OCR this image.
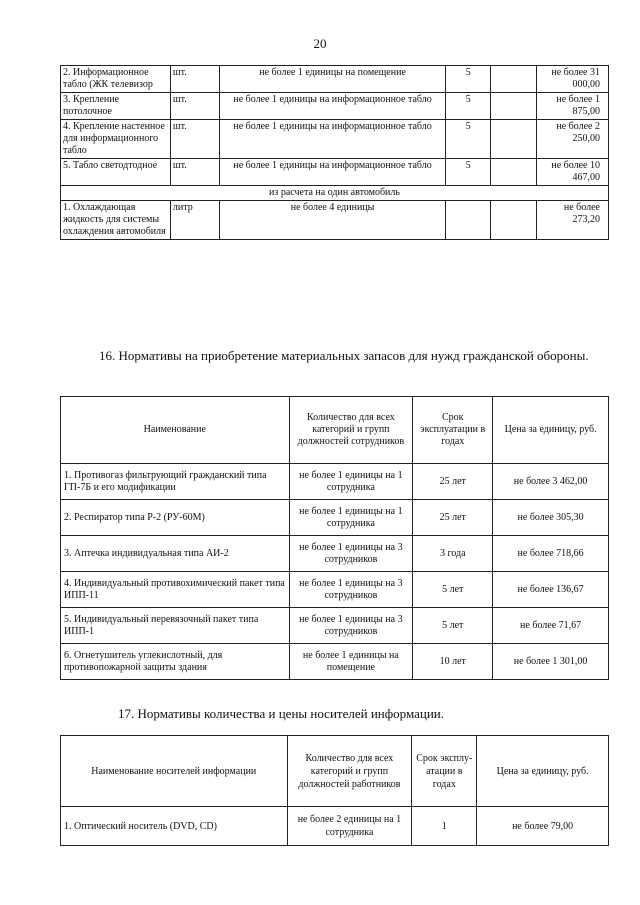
20
2. Информационное табло (ЖК телевизор	шт.	не более 1 единицы на помещение	5		не более 31 000,00
3. Крепление потолочное	шт.	не более 1 единицы на информационное табло	5		не более 1 875,00
4. Крепление настенное для информационного табло	шт.	не более 1 единицы на информационное табло	5		не более 2 250,00
5. Табло светодтодное	шт.	не более 1 единицы на информационное табло	5		не более 10 467,00
из расчета на один автомобиль					
1. Охлаждающая жидкость для системы охлаждения автомобиля	литр	не более 4 единицы			не более 273,20
16. Нормативы на приобретение материальных запасов для нужд гражданской обороны.
Наименование	Количество для всех категорий и групп должностей сотрудников	Срок эксплуатации в годах	Цена за единицу, руб.
1. Противогаз фильтрующий гражданский типа ГП-7Б и его модификации	не более 1 единицы на 1 сотрудника	25 лет	не более 3 462,00
2. Респиратор типа Р-2 (РУ-60М)	не более 1 единицы на 1 сотрудника	25 лет	не более 305,30
3. Аптечка индивидуальная типа АИ-2	не более 1 единицы на 3 сотрудников	3 года	не более 718,66
4. Индивидуальный противохимический пакет типа ИПП-11	не более 1 единицы на 3 сотрудников	5 лет	не более 136,67
5. Индивидуальный перевязочный пакет типа ИПП-1	не более 1 единицы на 3 сотрудников	5 лет	не более 71,67
6. Огнетушитель углекислотный, для противопожарной защиты здания	не более 1 единицы на помещение	10 лет	не более 1 301,00
17. Нормативы количества и цены носителей информации.
Наименование носителей информации	Количество для всех категорий и групп должностей работников	Срок эксплу-атации в годах	Цена за единицу, руб.
1. Оптический носитель (DVD, CD)	не более 2 единицы на 1 сотрудника	1	не более 79,00
